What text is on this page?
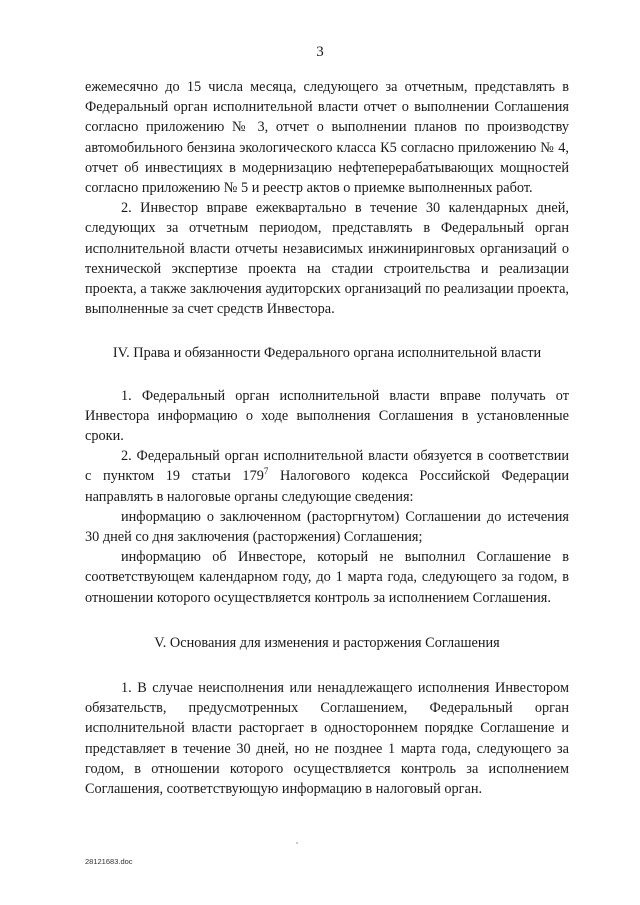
3

ежемесячно до 15 числа месяца, следующего за отчетным, представлять в Федеральный орган исполнительной власти отчет о выполнении Соглашения согласно приложению № 3, отчет о выполнении планов по производству автомобильного бензина экологического класса К5 согласно приложению № 4, отчет об инвестициях в модернизацию нефтеперерабатывающих мощностей согласно приложению № 5 и реестр актов о приемке выполненных работ.

2. Инвестор вправе ежеквартально в течение 30 календарных дней, следующих за отчетным периодом, представлять в Федеральный орган исполнительной власти отчеты независимых инжиниринговых организаций о технической экспертизе проекта на стадии строительства и реализации проекта, а также заключения аудиторских организаций по реализации проекта, выполненные за счет средств Инвестора.

IV. Права и обязанности Федерального органа исполнительной власти

1. Федеральный орган исполнительной власти вправе получать от Инвестора информацию о ходе выполнения Соглашения в установленные сроки.

2. Федеральный орган исполнительной власти обязуется в соответствии с пунктом 19 статьи $179^7$ Налогового кодекса Российской Федерации направлять в налоговые органы следующие сведения:

информацию о заключенном (расторгнутом) Соглашении до истечения 30 дней со дня заключения (расторжения) Соглашения;

информацию об Инвесторе, который не выполнил Соглашение в соответствующем календарном году, до 1 марта года, следующего за годом, в отношении которого осуществляется контроль за исполнением Соглашения.

V. Основания для изменения и расторжения Соглашения

1. В случае неисполнения или ненадлежащего исполнения Инвестором обязательств, предусмотренных Соглашением, Федеральный орган исполнительной власти расторгает в одностороннем порядке Соглашение и представляет в течение 30 дней, но не позднее 1 марта года, следующего за годом, в отношении которого осуществляется контроль за исполнением Соглашения, соответствующую информацию в налоговый орган.

28121683.doc
